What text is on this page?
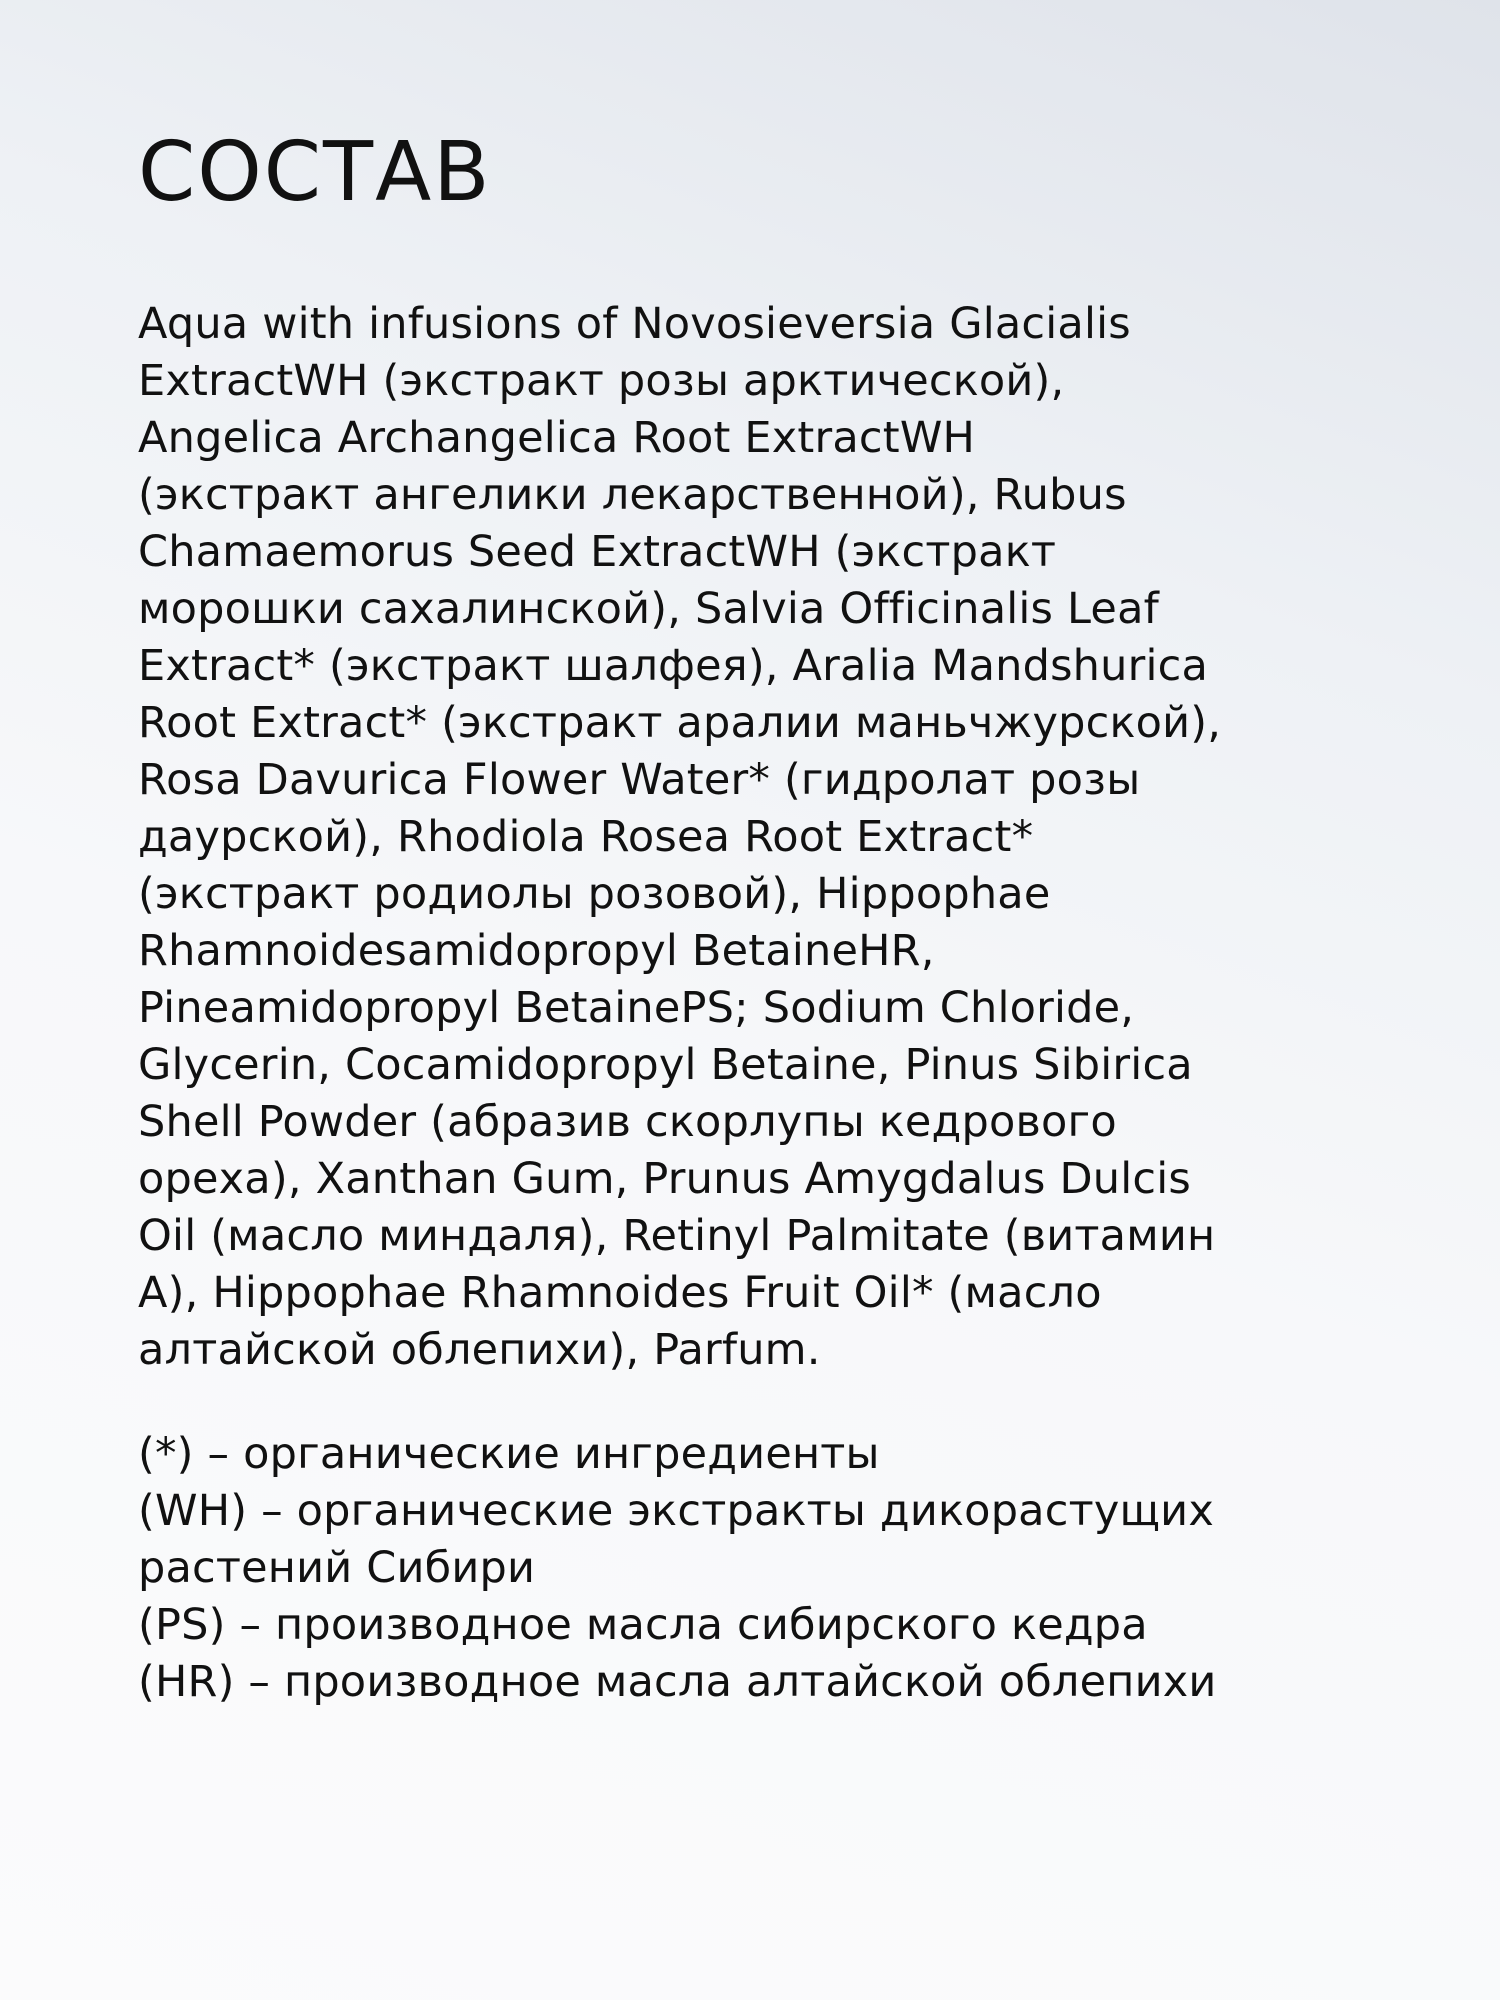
СОСТАВ

Aqua with infusions of Novosieversia Glacialis
ExtractWH (экстракт розы арктической),
Angelica Archangelica Root ExtractWH
(экстракт ангелики лекарственной), Rubus
Chamaemorus Seed ExtractWH (экстракт
морошки сахалинской), Salvia Officinalis Leaf
Extract* (экстракт шалфея), Aralia Mandshurica
Root Extract* (экстракт аралии маньчжурской),
Rosa Davurica Flower Water* (гидролат розы
даурской), Rhodiola Rosea Root Extract*
(экстракт родиолы розовой), Hippophae
Rhamnoidesamidopropyl BetaineHR,
Pineamidopropyl BetainePS; Sodium Chloride,
Glycerin, Cocamidopropyl Betaine, Pinus Sibirica
Shell Powder (абразив скорлупы кедрового
ореха), Xanthan Gum, Prunus Amygdalus Dulcis
Oil (масло миндаля), Retinyl Palmitate (витамин
A), Hippophae Rhamnoides Fruit Oil* (масло
алтайской облепихи), Parfum.

(*) – органические ингредиенты
(WH) – органические экстракты дикорастущих
растений Сибири
(PS) – производное масла сибирского кедра
(HR) – производное масла алтайской облепихи
